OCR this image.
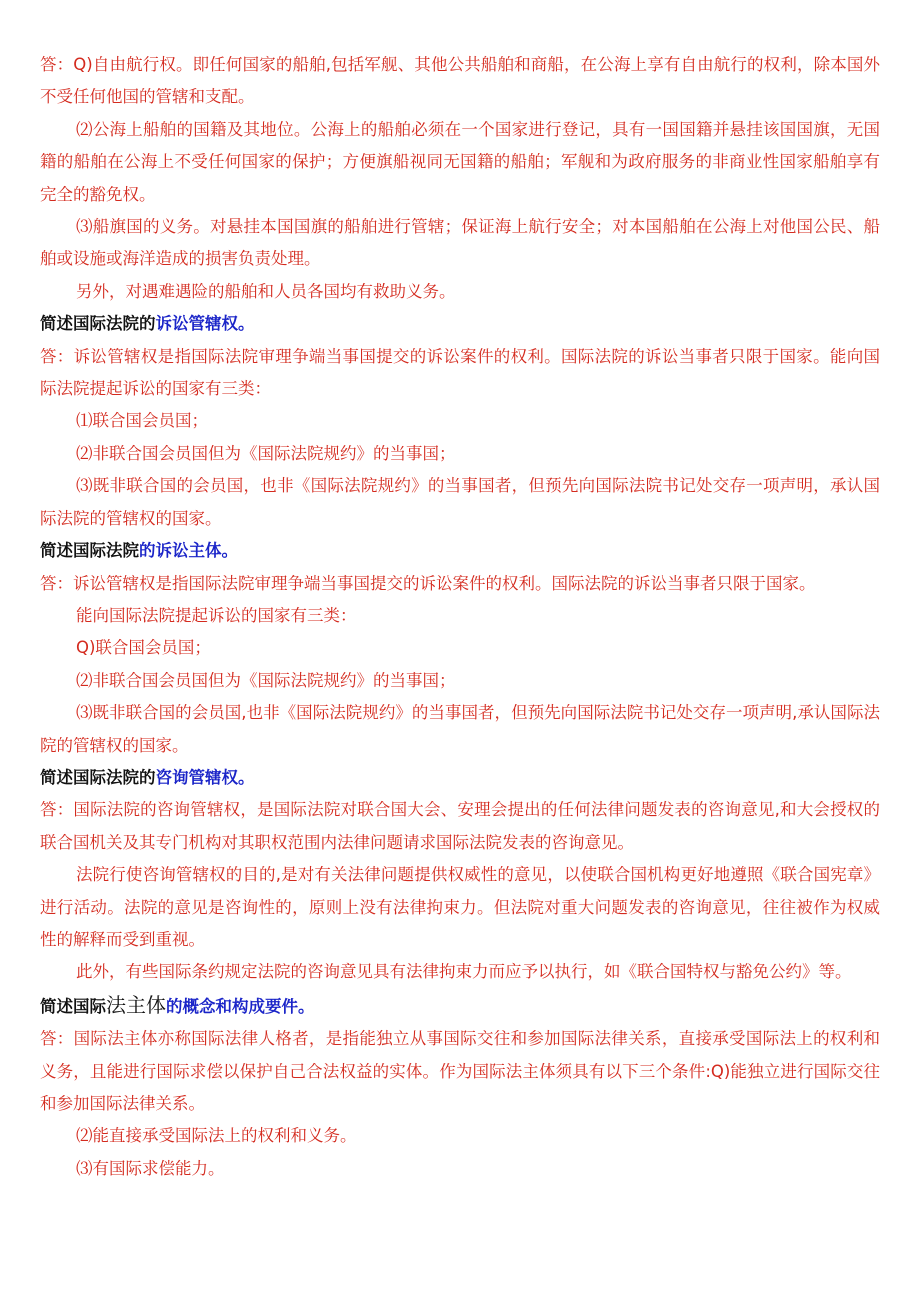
答：Q)自由航行权。即任何国家的船舶,包括军舰、其他公共船舶和商船，在公海上享有自由航行的权利，除本国外不受任何他国的管辖和支配。

⑵公海上船舶的国籍及其地位。公海上的船舶必须在一个国家进行登记，具有一国国籍并悬挂该国国旗，无国籍的船舶在公海上不受任何国家的保护；方便旗船视同无国籍的船舶；军舰和为政府服务的非商业性国家船舶享有完全的豁免权。

⑶船旗国的义务。对悬挂本国国旗的船舶进行管辖；保证海上航行安全；对本国船舶在公海上对他国公民、船舶或设施或海洋造成的损害负责处理。

另外，对遇难遇险的船舶和人员各国均有救助义务。

简述国际法院的诉讼管辖权。

答：诉讼管辖权是指国际法院审理争端当事国提交的诉讼案件的权利。国际法院的诉讼当事者只限于国家。能向国际法院提起诉讼的国家有三类：

⑴联合国会员国；

⑵非联合国会员国但为《国际法院规约》的当事国；

⑶既非联合国的会员国，也非《国际法院规约》的当事国者，但预先向国际法院书记处交存一项声明，承认国际法院的管辖权的国家。

简述国际法院的诉讼主体。

答：诉讼管辖权是指国际法院审理争端当事国提交的诉讼案件的权利。国际法院的诉讼当事者只限于国家。

能向国际法院提起诉讼的国家有三类：

Q)联合国会员国；

⑵非联合国会员国但为《国际法院规约》的当事国；

⑶既非联合国的会员国,也非《国际法院规约》的当事国者，但预先向国际法院书记处交存一项声明,承认国际法院的管辖权的国家。

简述国际法院的咨询管辖权。

答：国际法院的咨询管辖权，是国际法院对联合国大会、安理会提出的任何法律问题发表的咨询意见,和大会授权的联合国机关及其专门机构对其职权范围内法律问题请求国际法院发表的咨询意见。

法院行使咨询管辖权的目的,是对有关法律问题提供权威性的意见，以使联合国机构更好地遵照《联合国宪章》进行活动。法院的意见是咨询性的，原则上没有法律拘束力。但法院对重大问题发表的咨询意见，往往被作为权威性的解释而受到重视。

此外，有些国际条约规定法院的咨询意见具有法律拘束力而应予以执行，如《联合国特权与豁免公约》等。

简述国际法主体的概念和构成要件。

答：国际法主体亦称国际法律人格者，是指能独立从事国际交往和参加国际法律关系，直接承受国际法上的权利和义务，且能进行国际求偿以保护自己合法权益的实体。作为国际法主体须具有以下三个条件:Q)能独立进行国际交往和参加国际法律关系。

⑵能直接承受国际法上的权利和义务。

⑶有国际求偿能力。
